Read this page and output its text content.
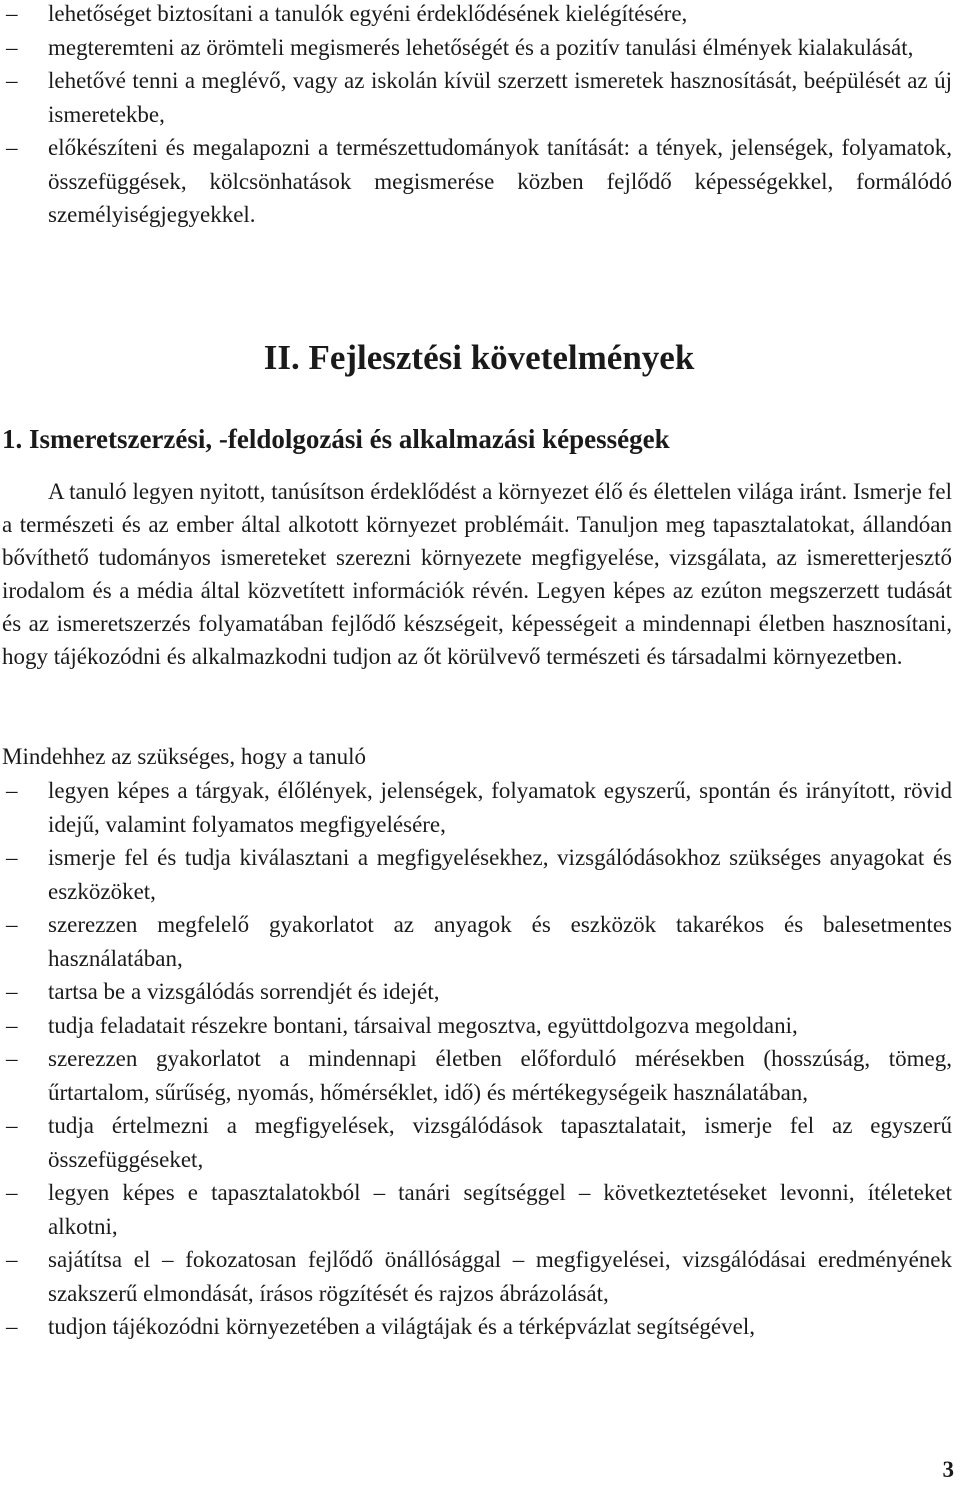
– lehetőséget biztosítani a tanulók egyéni érdeklődésének kielégítésére,
– megteremteni az örömteli megismerés lehetőségét és a pozitív tanulási élmények kialakulását,
– lehetővé tenni a meglévő, vagy az iskolán kívül szerzett ismeretek hasznosítását, beépülését az új ismeretekbe,
– előkészíteni és megalapozni a természettudományok tanítását: a tények, jelenségek, folyamatok, összefüggések, kölcsönhatások megismerése közben fejlődő képességekkel, formálódó személyiségjegyekkel.
II. Fejlesztési követelmények
1. Ismeretszerzési, -feldolgozási és alkalmazási képességek

A tanuló legyen nyitott, tanúsítson érdeklődést a környezet élő és élettelen világa iránt. Ismerje fel a természeti és az ember által alkotott környezet problémáit. Tanuljon meg tapasztalatokat, állandóan bővíthető tudományos ismereteket szerezni környezete megfigyelése, vizsgálata, az ismeretterjesztő irodalom és a média által közvetített információk révén. Legyen képes az ezúton megszerzett tudását és az ismeretszerzés folyamatában fejlődő készségeit, képességeit a mindennapi életben hasznosítani, hogy tájékozódni és alkalmazkodni tudjon az őt körülvevő természeti és társadalmi környezetben.

Mindehhez az szükséges, hogy a tanuló

– legyen képes a tárgyak, élőlények, jelenségek, folyamatok egyszerű, spontán és irányított, rövid idejű, valamint folyamatos megfigyelésére,
– ismerje fel és tudja kiválasztani a megfigyelésekhez, vizsgálódásokhoz szükséges anyagokat és eszközöket,
– szerezzen megfelelő gyakorlatot az anyagok és eszközök takarékos és balesetmentes használatában,
– tartsa be a vizsgálódás sorrendjét és idejét,
– tudja feladatait részekre bontani, társaival megosztva, együttdolgozva megoldani,
– szerezzen gyakorlatot a mindennapi életben előforduló mérésekben (hosszúság, tömeg, űrtartalom, sűrűség, nyomás, hőmérséklet, idő) és mértékegységeik használatában,
– tudja értelmezni a megfigyelések, vizsgálódások tapasztalatait, ismerje fel az egyszerű összefüggéseket,
– legyen képes e tapasztalatokból – tanári segítséggel – következtetéseket levonni, ítéleteket alkotni,
– sajátítsa el – fokozatosan fejlődő önállósággal – megfigyelései, vizsgálódásai eredményének szakszerű elmondását, írásos rögzítését és rajzos ábrázolását,
– tudjon tájékozódni környezetében a világtájak és a térképvázlat segítségével,
3
